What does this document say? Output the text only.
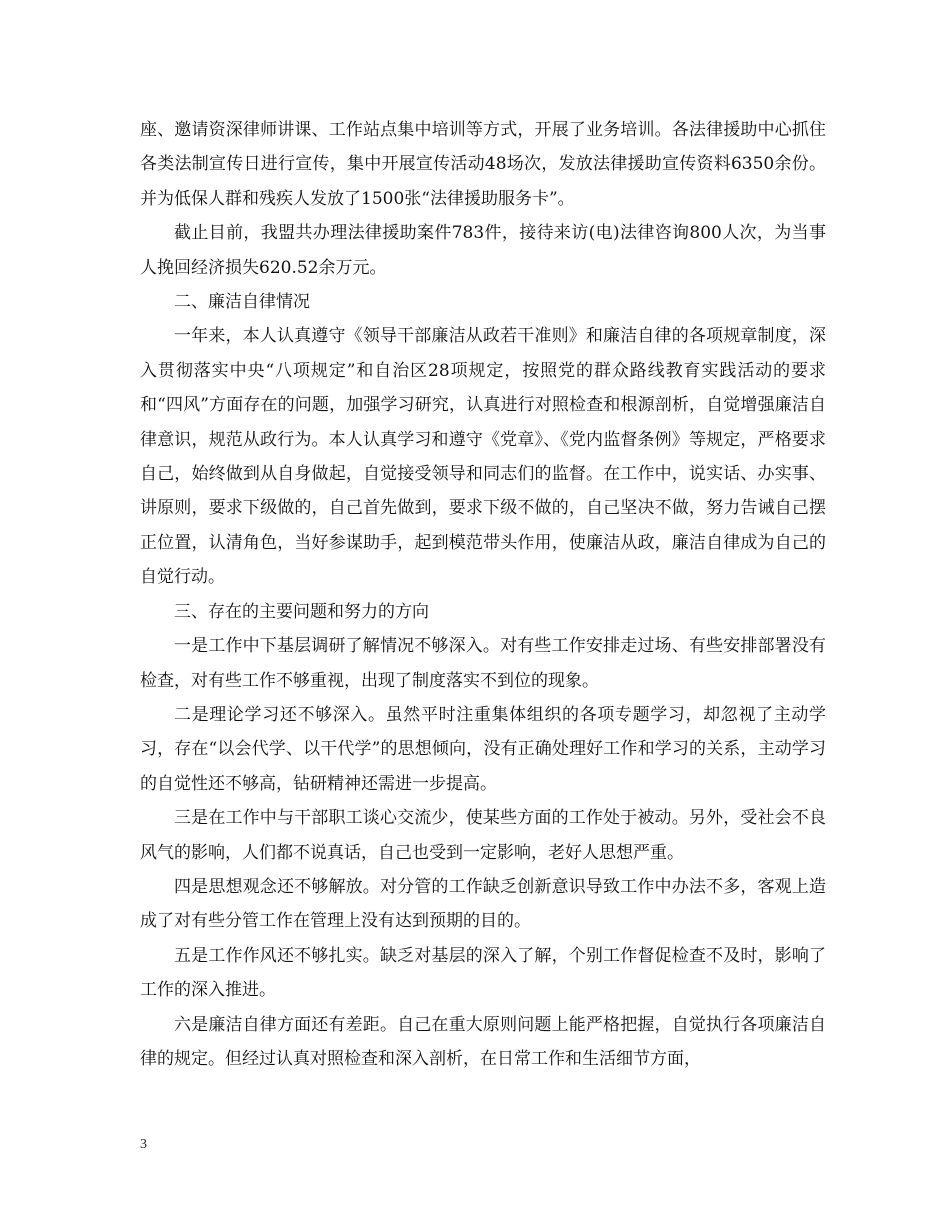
座、邀请资深律师讲课、工作站点集中培训等方式，开展了业务培训。各法律援助中心抓住各类法制宣传日进行宣传，集中开展宣传活动48场次，发放法律援助宣传资料6350余份。并为低保人群和残疾人发放了1500张“法律援助服务卡”。

截止目前，我盟共办理法律援助案件783件，接待来访(电)法律咨询800人次，为当事人挽回经济损失620.52余万元。

二、廉洁自律情况

一年来，本人认真遵守《领导干部廉洁从政若干准则》和廉洁自律的各项规章制度，深入贯彻落实中央“八项规定”和自治区28项规定，按照党的群众路线教育实践活动的要求和“四风”方面存在的问题，加强学习研究，认真进行对照检查和根源剖析，自觉增强廉洁自律意识，规范从政行为。本人认真学习和遵守《党章》、《党内监督条例》等规定，严格要求自己，始终做到从自身做起，自觉接受领导和同志们的监督。在工作中，说实话、办实事、讲原则，要求下级做的，自己首先做到，要求下级不做的，自己坚决不做，努力告诫自己摆正位置，认清角色，当好参谋助手，起到模范带头作用，使廉洁从政，廉洁自律成为自己的自觉行动。

三、存在的主要问题和努力的方向

一是工作中下基层调研了解情况不够深入。对有些工作安排走过场、有些安排部署没有检查，对有些工作不够重视，出现了制度落实不到位的现象。

二是理论学习还不够深入。虽然平时注重集体组织的各项专题学习，却忽视了主动学习，存在“以会代学、以干代学”的思想倾向，没有正确处理好工作和学习的关系，主动学习的自觉性还不够高，钻研精神还需进一步提高。

三是在工作中与干部职工谈心交流少，使某些方面的工作处于被动。另外，受社会不良风气的影响，人们都不说真话，自己也受到一定影响，老好人思想严重。

四是思想观念还不够解放。对分管的工作缺乏创新意识导致工作中办法不多，客观上造成了对有些分管工作在管理上没有达到预期的目的。

五是工作作风还不够扎实。缺乏对基层的深入了解，个别工作督促检查不及时，影响了工作的深入推进。

六是廉洁自律方面还有差距。自己在重大原则问题上能严格把握，自觉执行各项廉洁自律的规定。但经过认真对照检查和深入剖析，在日常工作和生活细节方面，

3
